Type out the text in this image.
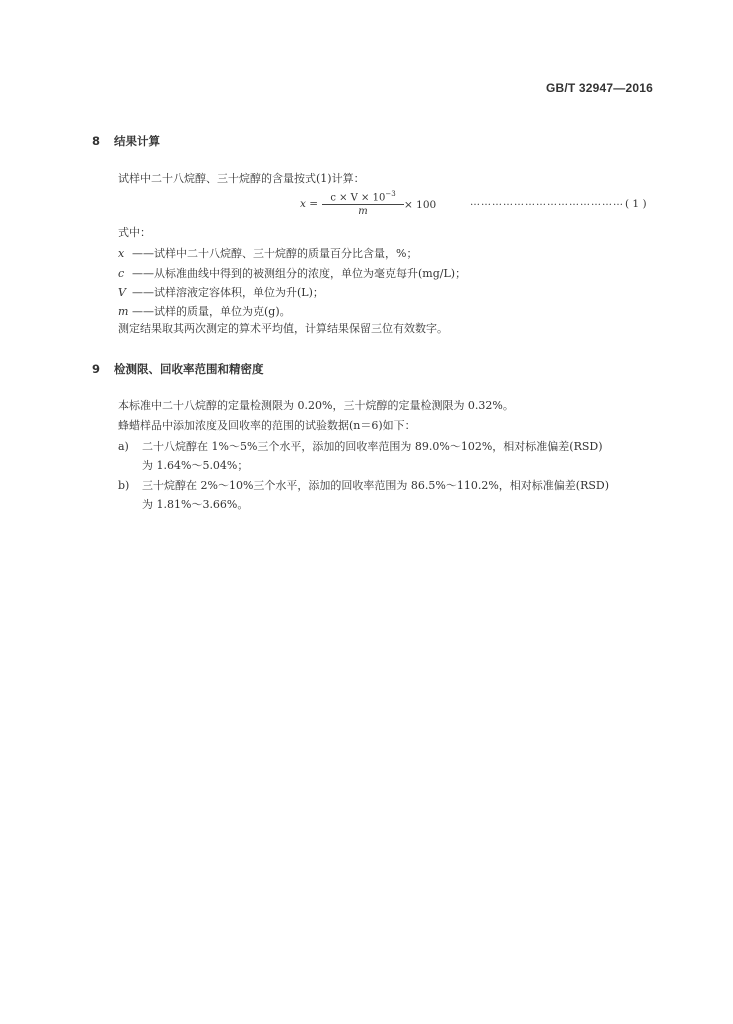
GB/T 32947—2016
8 结果计算
试样中二十八烷醇、三十烷醇的含量按式(1)计算：
x =
$c \times V \times 10^{-3}$
m
× 100	…………………………………… ( 1 )
式中：
x ——试样中二十八烷醇、三十烷醇的质量百分比含量，%；
c ——从标准曲线中得到的被测组分的浓度，单位为毫克每升(mg/L)；
V ——试样溶液定容体积，单位为升(L)；
m ——试样的质量，单位为克(g)。
测定结果取其两次测定的算术平均值，计算结果保留三位有效数字。
9 检测限、回收率范围和精密度
本标准中二十八烷醇的定量检测限为 0.20%，三十烷醇的定量检测限为 0.32%。
蜂蜡样品中添加浓度及回收率的范围的试验数据(n＝6)如下：
a) 二十八烷醇在 1%～5%三个水平，添加的回收率范围为 89.0%～102%，相对标准偏差(RSD)
为 1.64%～5.04%；
b) 三十烷醇在 2%～10%三个水平，添加的回收率范围为 86.5%～110.2%，相对标准偏差(RSD)
为 1.81%～3.66%。
